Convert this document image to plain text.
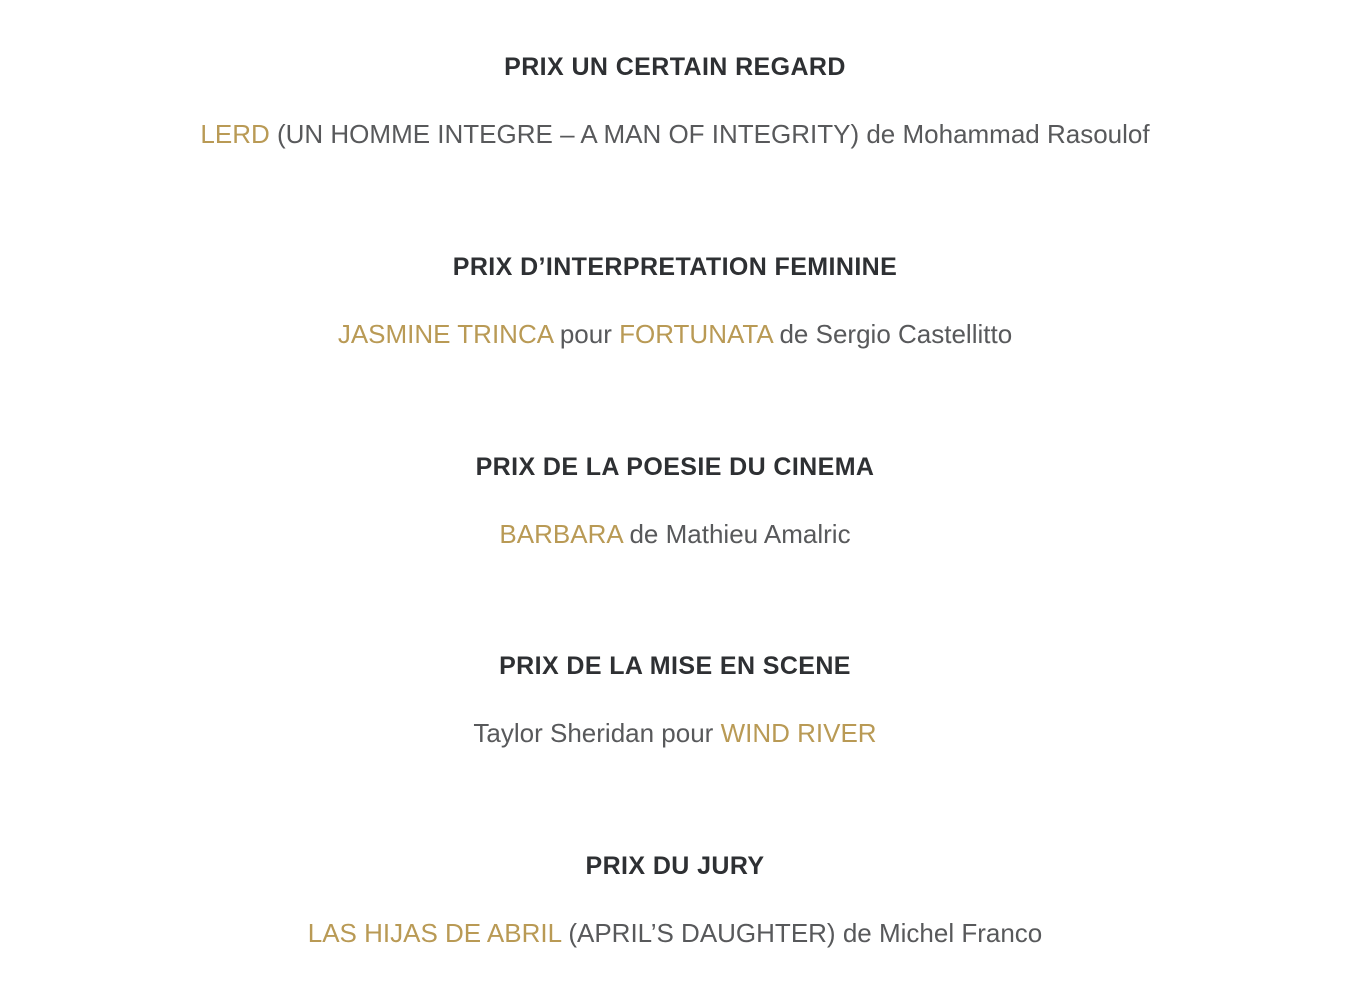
PRIX UN CERTAIN REGARD

LERD (UN HOMME INTEGRE – A MAN OF INTEGRITY) de Mohammad Rasoulof

PRIX D’INTERPRETATION FEMININE

JASMINE TRINCA pour FORTUNATA de Sergio Castellitto

PRIX DE LA POESIE DU CINEMA

BARBARA de Mathieu Amalric

PRIX DE LA MISE EN SCENE

Taylor Sheridan pour WIND RIVER

PRIX DU JURY

LAS HIJAS DE ABRIL (APRIL’S DAUGHTER) de Michel Franco
